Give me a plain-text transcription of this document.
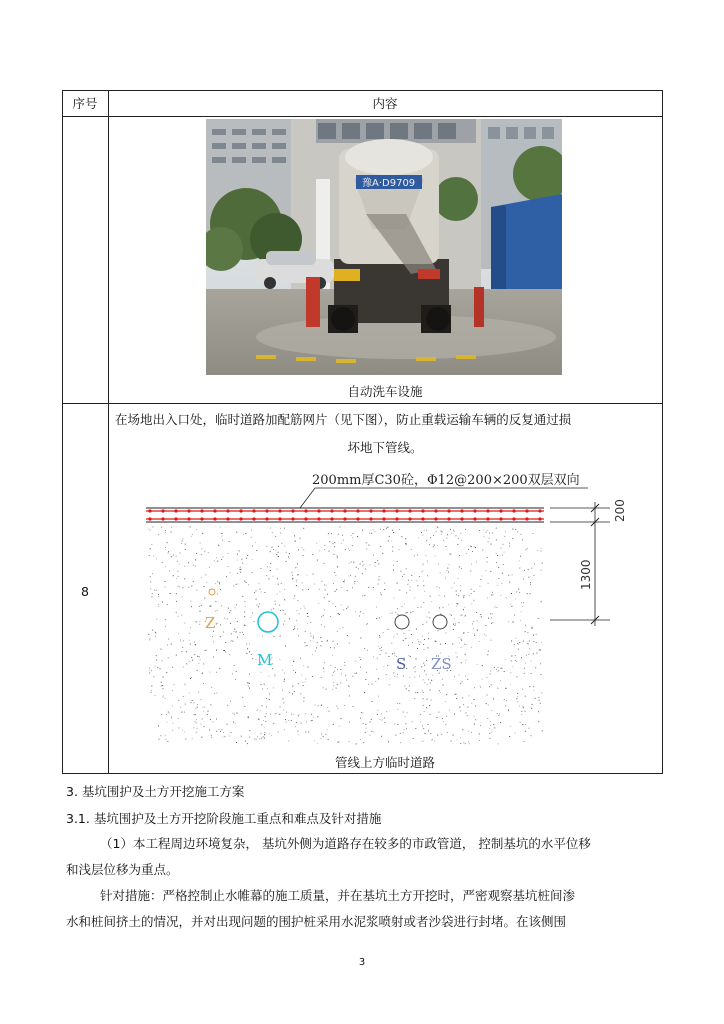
序号	内容
豫A·D9709
自动洗车设施
8
在场地出入口处，临时道路加配筋网片（见下图），防止重载运输车辆的反复通过损
坏地下管线。
200mm厚C30砼，Φ12@200×200双层双向
200
1300
Z
M	S ZS
管线上方临时道路
3. 基坑围护及土方开挖施工方案
3.1. 基坑围护及土方开挖阶段施工重点和难点及针对措施
（1）本工程周边环境复杂， 基坑外侧为道路存在较多的市政管道， 控制基坑的水平位移
和浅层位移为重点。
针对措施：严格控制止水帷幕的施工质量，并在基坑土方开挖时，严密观察基坑桩间渗
水和桩间挤土的情况，并对出现问题的围护桩采用水泥浆喷射或者沙袋进行封堵。在该侧围
3
